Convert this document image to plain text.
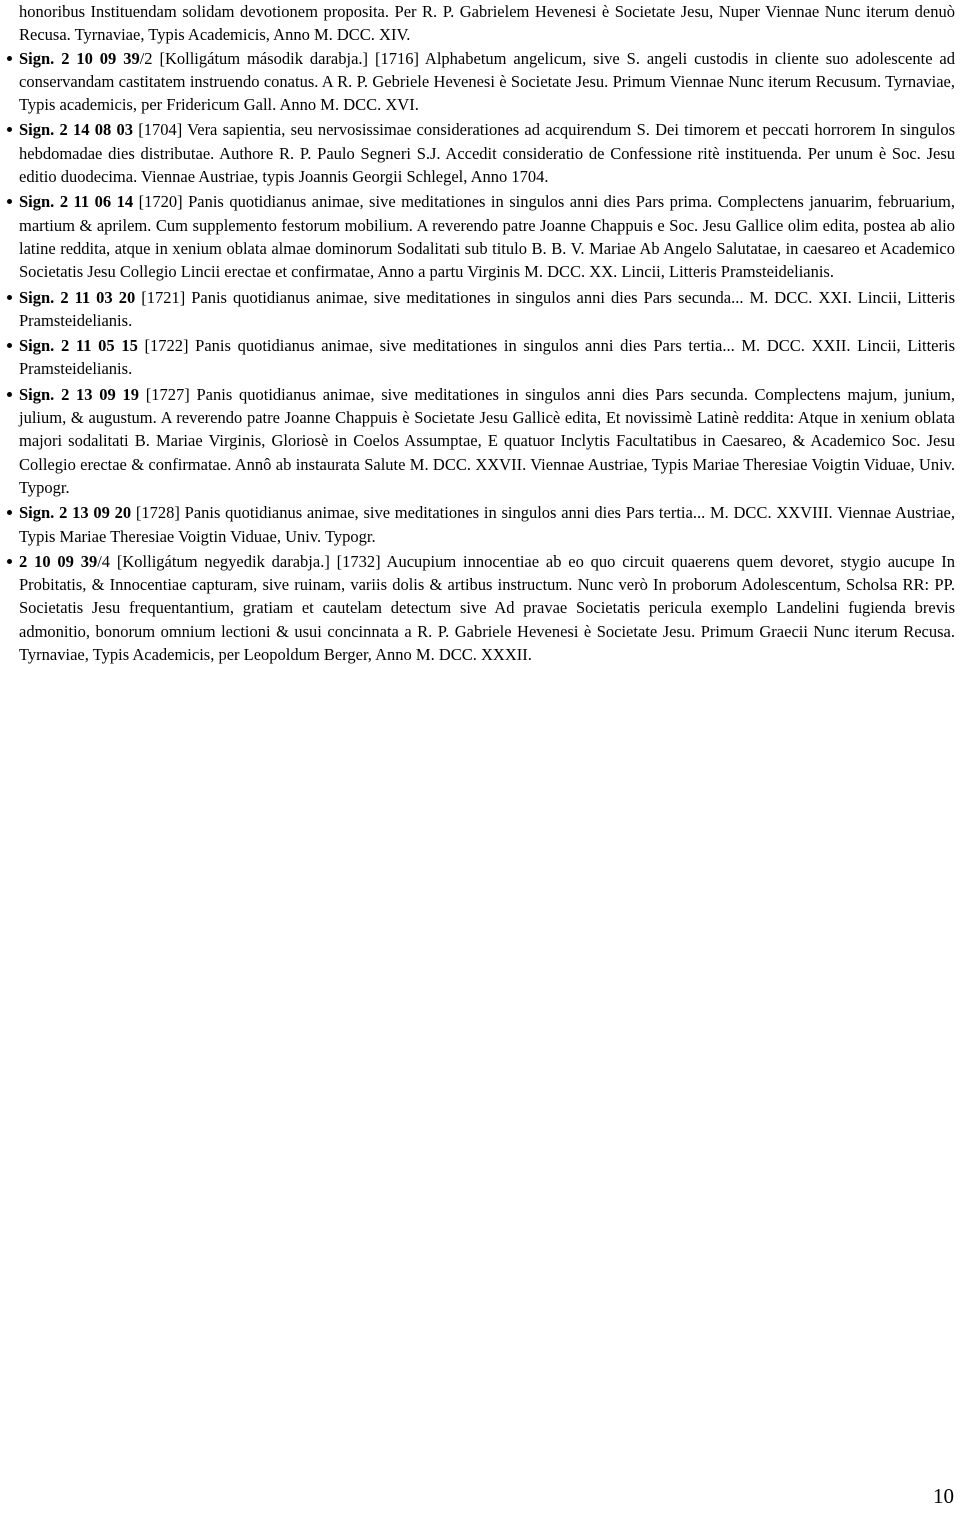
honoribus Instituendam solidam devotionem proposita. Per R. P. Gabrielem Hevenesi è Societate Jesu, Nuper Viennae Nunc iterum denuò Recusa. Tyrnaviae, Typis Academicis, Anno M. DCC. XIV.

Sign. 2 10 09 39/2 [Kolligátum második darabja.] [1716] Alphabetum angelicum, sive S. angeli custodis in cliente suo adolescente ad conservandam castitatem instruendo conatus. A R. P. Gebriele Hevenesi è Societate Jesu. Primum Viennae Nunc iterum Recusum. Tyrnaviae, Typis academicis, per Fridericum Gall. Anno M. DCC. XVI.
Sign. 2 14 08 03 [1704] Vera sapientia, seu nervosissimae considerationes ad acquirendum S. Dei timorem et peccati horrorem In singulos hebdomadae dies distributae. Authore R. P. Paulo Segneri S.J. Accedit consideratio de Confessione ritè instituenda. Per unum è Soc. Jesu editio duodecima. Viennae Austriae, typis Joannis Georgii Schlegel, Anno 1704.
Sign. 2 11 06 14 [1720] Panis quotidianus animae, sive meditationes in singulos anni dies Pars prima. Complectens januarim, februarium, martium & aprilem. Cum supplemento festorum mobilium. A reverendo patre Joanne Chappuis e Soc. Jesu Gallice olim edita, postea ab alio latine reddita, atque in xenium oblata almae dominorum Sodalitati sub titulo B. B. V. Mariae Ab Angelo Salutatae, in caesareo et Academico Societatis Jesu Collegio Lincii erectae et confirmatae, Anno a partu Virginis M. DCC. XX. Lincii, Litteris Pramsteidelianis.
Sign. 2 11 03 20 [1721] Panis quotidianus animae, sive meditationes in singulos anni dies Pars secunda... M. DCC. XXI. Lincii, Litteris Pramsteidelianis.
Sign. 2 11 05 15 [1722] Panis quotidianus animae, sive meditationes in singulos anni dies Pars tertia... M. DCC. XXII. Lincii, Litteris Pramsteidelianis.
Sign. 2 13 09 19 [1727] Panis quotidianus animae, sive meditationes in singulos anni dies Pars secunda. Complectens majum, junium, julium, & augustum. A reverendo patre Joanne Chappuis è Societate Jesu Gallicè edita, Et novissimè Latinè reddita: Atque in xenium oblata majori sodalitati B. Mariae Virginis, Gloriosè in Coelos Assumptae, E quatuor Inclytis Facultatibus in Caesareo, & Academico Soc. Jesu Collegio erectae & confirmatae. Annô ab instaurata Salute M. DCC. XXVII. Viennae Austriae, Typis Mariae Theresiae Voigtin Viduae, Univ. Typogr.
Sign. 2 13 09 20 [1728] Panis quotidianus animae, sive meditationes in singulos anni dies Pars tertia... M. DCC. XXVIII. Viennae Austriae, Typis Mariae Theresiae Voigtin Viduae, Univ. Typogr.
2 10 09 39/4 [Kolligátum negyedik darabja.] [1732] Aucupium innocentiae ab eo quo circuit quaerens quem devoret, stygio aucupe In Probitatis, & Innocentiae capturam, sive ruinam, variis dolis & artibus instructum. Nunc verò In proborum Adolescentum, Scholsa RR: PP. Societatis Jesu frequentantium, gratiam et cautelam detectum sive Ad pravae Societatis pericula exemplo Landelini fugienda brevis admonitio, bonorum omnium lectioni & usui concinnata a R. P. Gabriele Hevenesi è Societate Jesu. Primum Graecii Nunc iterum Recusa. Tyrnaviae, Typis Academicis, per Leopoldum Berger, Anno M. DCC. XXXII.
10
